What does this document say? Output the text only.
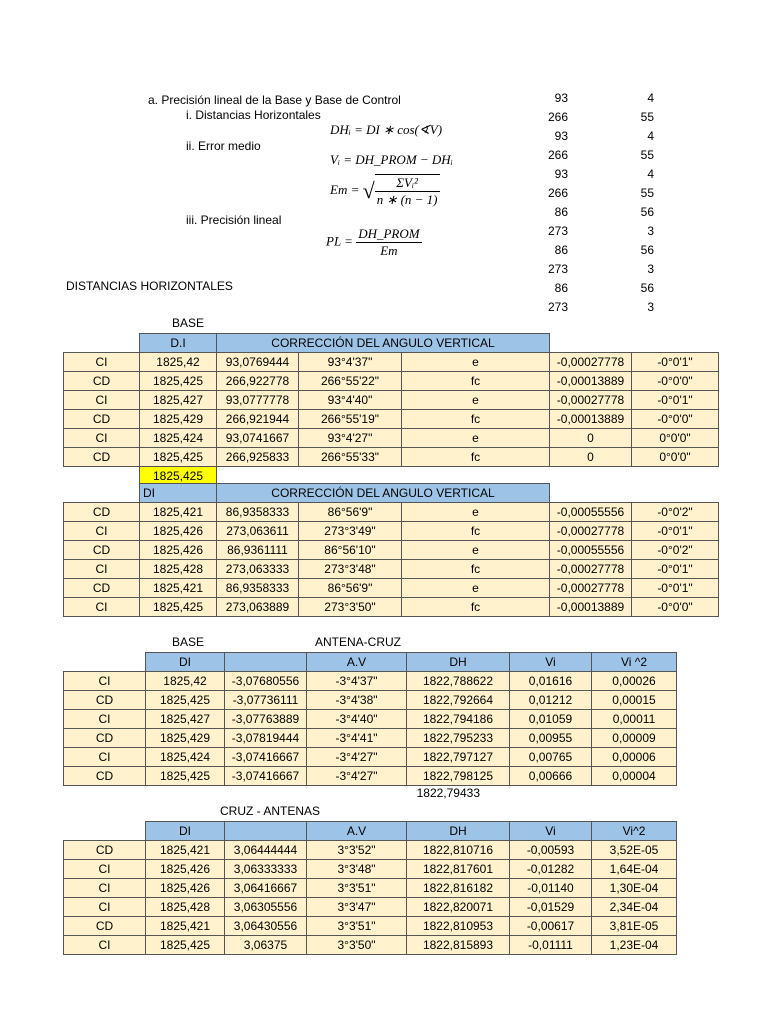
a. Precisión lineal de la Base y Base de Control
i. Distancias Horizontales
ii. Error medio
iii. Precisión lineal
DHᵢ = DI ∗ cos(∢V)
Vᵢ = DH_PROM − DHᵢ
Em = √ $\frac{\text{ΣVᵢ²}}{n ∗ (n - 1)}$
PL = $\frac{\text{DH\_PROM}}{Em}$
93	4
266	55
93	4
266	55
93	4
266	55
86	56
273	3
86	56
273	3
86	56
273	3
DISTANCIAS HORIZONTALES
BASE
	D.I	CORRECCIÓN DEL ANGULO VERTICAL				
CI	1825,42	93,0769444	93°4'37"	e	-0,00027778	-0°0'1"
CD	1825,425	266,922778	266°55'22"	fc	-0,00013889	-0°0'0"
CI	1825,427	93,0777778	93°4'40"	e	-0,00027778	-0°0'1"
CD	1825,429	266,921944	266°55'19"	fc	-0,00013889	-0°0'0"
CI	1825,424	93,0741667	93°4'27"	e	0	0°0'0"
CD	1825,425	266,925833	266°55'33"	fc	0	0°0'0"
	1825,425					
	DI	CORRECCIÓN DEL ANGULO VERTICAL				
CD	1825,421	86,9358333	86°56'9"	e	-0,00055556	-0°0'2"
CI	1825,426	273,063611	273°3'49"	fc	-0,00027778	-0°0'1"
CD	1825,426	86,9361111	86°56'10"	e	-0,00055556	-0°0'2"
CI	1825,428	273,063333	273°3'48"	fc	-0,00027778	-0°0'1"
CD	1825,421	86,9358333	86°56'9"	e	-0,00027778	-0°0'1"
CI	1825,425	273,063889	273°3'50"	fc	-0,00013889	-0°0'0"
BASE	ANTENA-CRUZ
	DI		A.V	DH	Vi	Vi ^2
CI	1825,42	-3,07680556	-3°4'37"	1822,788622	0,01616	0,00026
CD	1825,425	-3,07736111	-3°4'38"	1822,792664	0,01212	0,00015
CI	1825,427	-3,07763889	-3°4'40"	1822,794186	0,01059	0,00011
CD	1825,429	-3,07819444	-3°4'41"	1822,795233	0,00955	0,00009
CI	1825,424	-3,07416667	-3°4'27"	1822,797127	0,00765	0,00006
CD	1825,425	-3,07416667	-3°4'27"	1822,798125	0,00666	0,00004
1822,79433
CRUZ - ANTENAS
	DI		A.V	DH	Vi	Vi^2
CD	1825,421	3,06444444	3°3'52"	1822,810716	-0,00593	3,52E-05
CI	1825,426	3,06333333	3°3'48"	1822,817601	-0,01282	1,64E-04
CI	1825,426	3,06416667	3°3'51"	1822,816182	-0,01140	1,30E-04
CI	1825,428	3,06305556	3°3'47"	1822,820071	-0,01529	2,34E-04
CD	1825,421	3,06430556	3°3'51"	1822,810953	-0,00617	3,81E-05
CI	1825,425	3,06375	3°3'50"	1822,815893	-0,01111	1,23E-04
